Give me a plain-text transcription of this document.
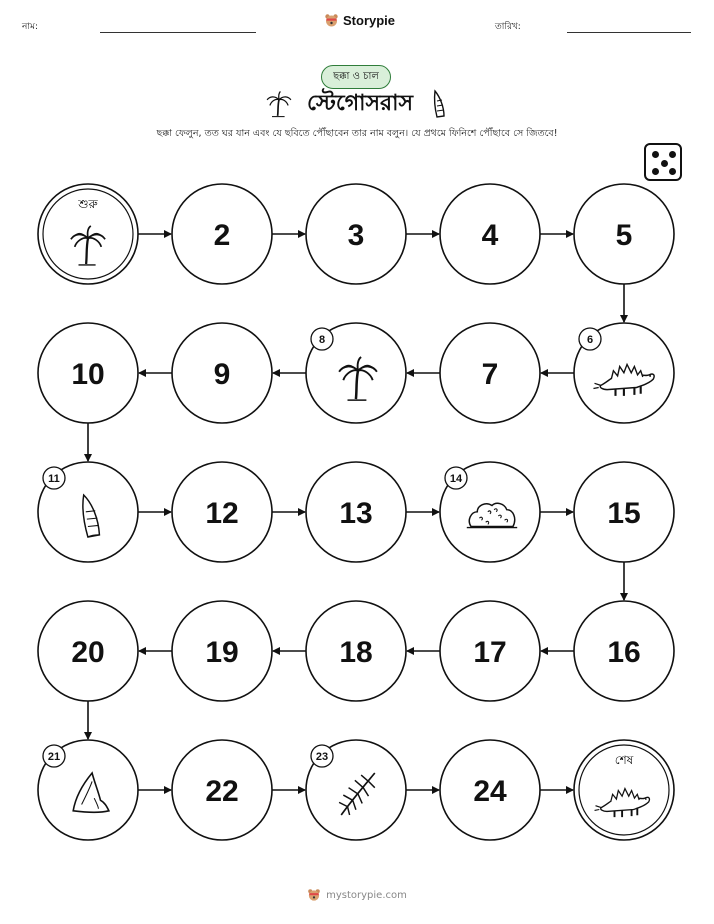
নাম:	Storypie	তারিখ:
ছক্কা ও চাল
স্টেগোসরাস
ছক্কা ফেলুন, তত ঘর যান এবং যে ছবিতে পৌঁছাবেন তার নাম বলুন। যে প্রথমে ফিনিশে পৌঁছাবে সে জিতবে!
শুরু
2	3	4	5
6
7
8
9
10
11
12	13
14
15
16
17
18
19
20
21
22
23
24
শেষ
mystorypie.com
